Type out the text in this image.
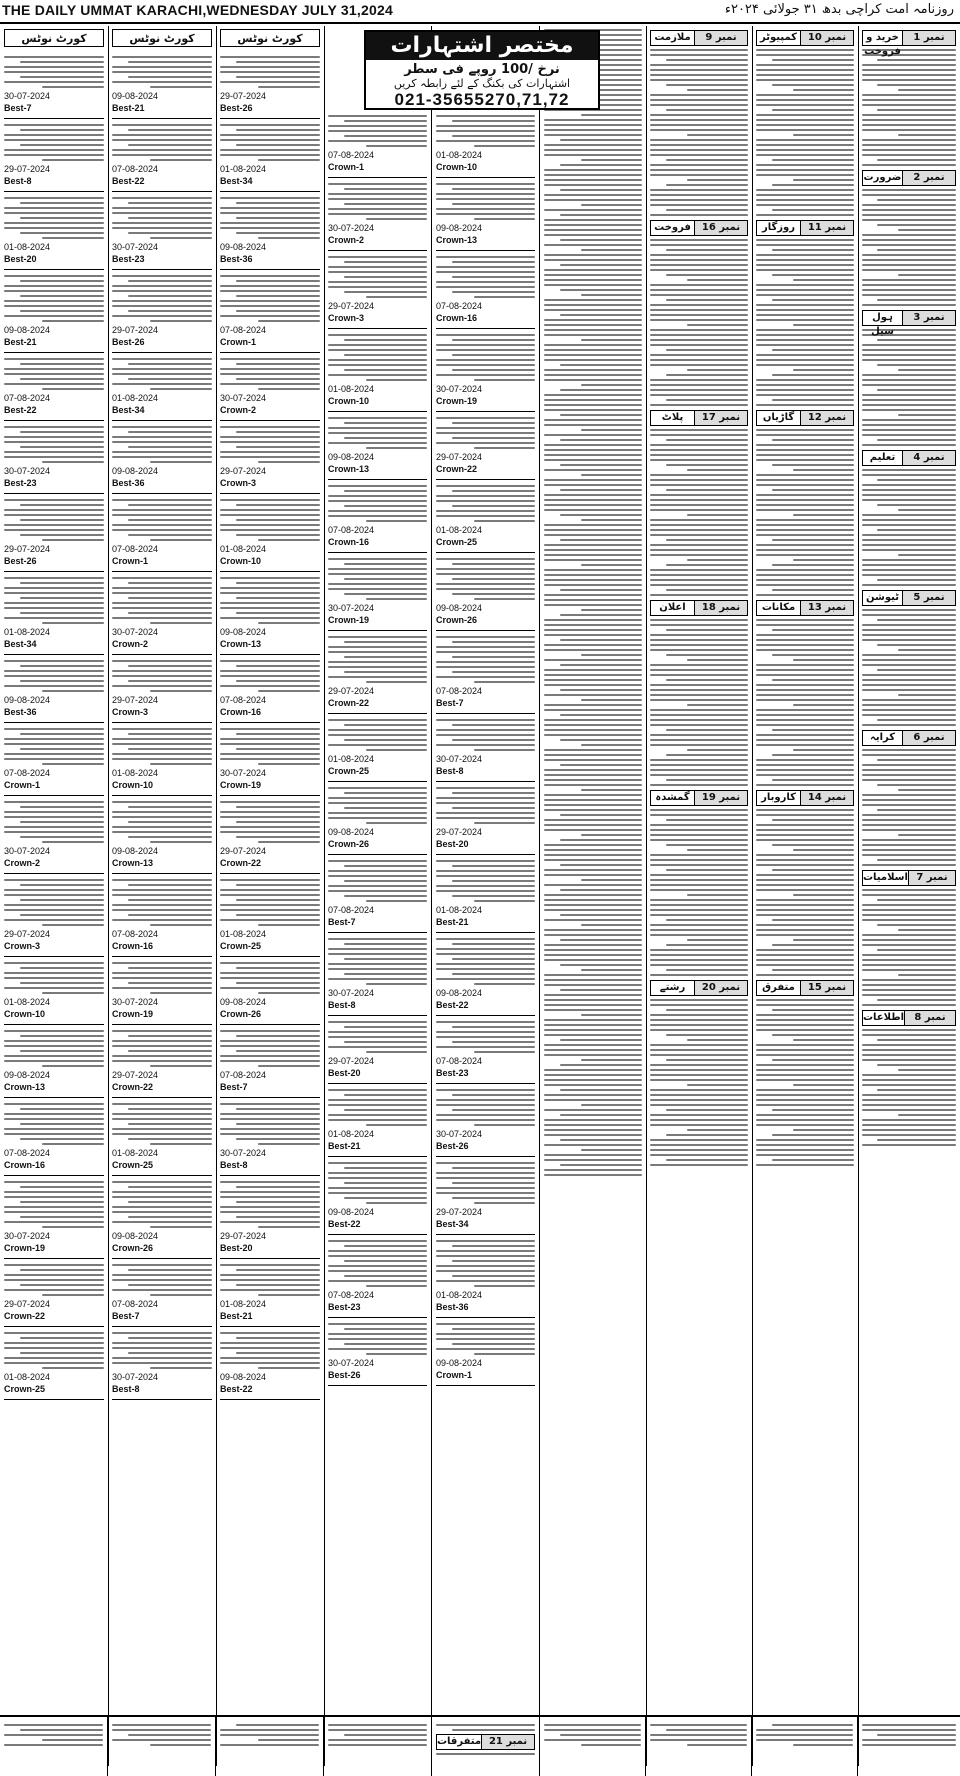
THE DAILY UMMAT KARACHI,WEDNESDAY JULY 31,2024	روزنامہ امت کراچی بدھ ۳۱ جولائی ۲۰۲۴ء
کورٹ نوٹس
30-07-2024
Best-7
29-07-2024
Best-8
01-08-2024
Best-20
09-08-2024
Best-21
07-08-2024
Best-22
30-07-2024
Best-23
29-07-2024
Best-26
01-08-2024
Best-34
09-08-2024
Best-36
07-08-2024
Crown-1
30-07-2024
Crown-2
29-07-2024
Crown-3
01-08-2024
Crown-10
09-08-2024
Crown-13
07-08-2024
Crown-16
30-07-2024
Crown-19
29-07-2024
Crown-22
01-08-2024
Crown-25
کورٹ نوٹس
09-08-2024
Best-21
07-08-2024
Best-22
30-07-2024
Best-23
29-07-2024
Best-26
01-08-2024
Best-34
09-08-2024
Best-36
07-08-2024
Crown-1
30-07-2024
Crown-2
29-07-2024
Crown-3
01-08-2024
Crown-10
09-08-2024
Crown-13
07-08-2024
Crown-16
30-07-2024
Crown-19
29-07-2024
Crown-22
01-08-2024
Crown-25
09-08-2024
Crown-26
07-08-2024
Best-7
30-07-2024
Best-8
کورٹ نوٹس
29-07-2024
Best-26
01-08-2024
Best-34
09-08-2024
Best-36
07-08-2024
Crown-1
30-07-2024
Crown-2
29-07-2024
Crown-3
01-08-2024
Crown-10
09-08-2024
Crown-13
07-08-2024
Crown-16
30-07-2024
Crown-19
29-07-2024
Crown-22
01-08-2024
Crown-25
09-08-2024
Crown-26
07-08-2024
Best-7
30-07-2024
Best-8
29-07-2024
Best-20
01-08-2024
Best-21
09-08-2024
Best-22
07-08-2024
Crown-1
30-07-2024
Crown-2
29-07-2024
Crown-3
01-08-2024
Crown-10
09-08-2024
Crown-13
07-08-2024
Crown-16
30-07-2024
Crown-19
29-07-2024
Crown-22
01-08-2024
Crown-25
09-08-2024
Crown-26
07-08-2024
Best-7
30-07-2024
Best-8
29-07-2024
Best-20
01-08-2024
Best-21
09-08-2024
Best-22
07-08-2024
Best-23
30-07-2024
Best-26
01-08-2024
Crown-10
09-08-2024
Crown-13
07-08-2024
Crown-16
30-07-2024
Crown-19
29-07-2024
Crown-22
01-08-2024
Crown-25
09-08-2024
Crown-26
07-08-2024
Best-7
30-07-2024
Best-8
29-07-2024
Best-20
01-08-2024
Best-21
09-08-2024
Best-22
07-08-2024
Best-23
30-07-2024
Best-26
29-07-2024
Best-34
01-08-2024
Best-36
09-08-2024
Crown-1
نمبر 9
ملازمت
نمبر 16
فروخت
نمبر 17
پلاٹ
نمبر 18
اعلان
نمبر 19
گمشدہ
نمبر 20
رشتے
نمبر 10
کمپیوٹر
نمبر 11
روزگار
نمبر 12
گاڑیاں
نمبر 13
مکانات
نمبر 14
کاروبار
نمبر 15
متفرق
نمبر 1
خرید و فروخت
نمبر 2
ضرورت
نمبر 3
ہول سیل
نمبر 4
تعلیم
نمبر 5
ٹیوشن
نمبر 6
کرایہ
نمبر 7
اسلامیات
نمبر 8
اطلاعات
مختصر اشتہارات
نرخ /100 روپے فی سطر
اشتہارات کی بکنگ کے لئے رابطہ کریں
021-35655270,71,72
نمبر 21
متفرقات
